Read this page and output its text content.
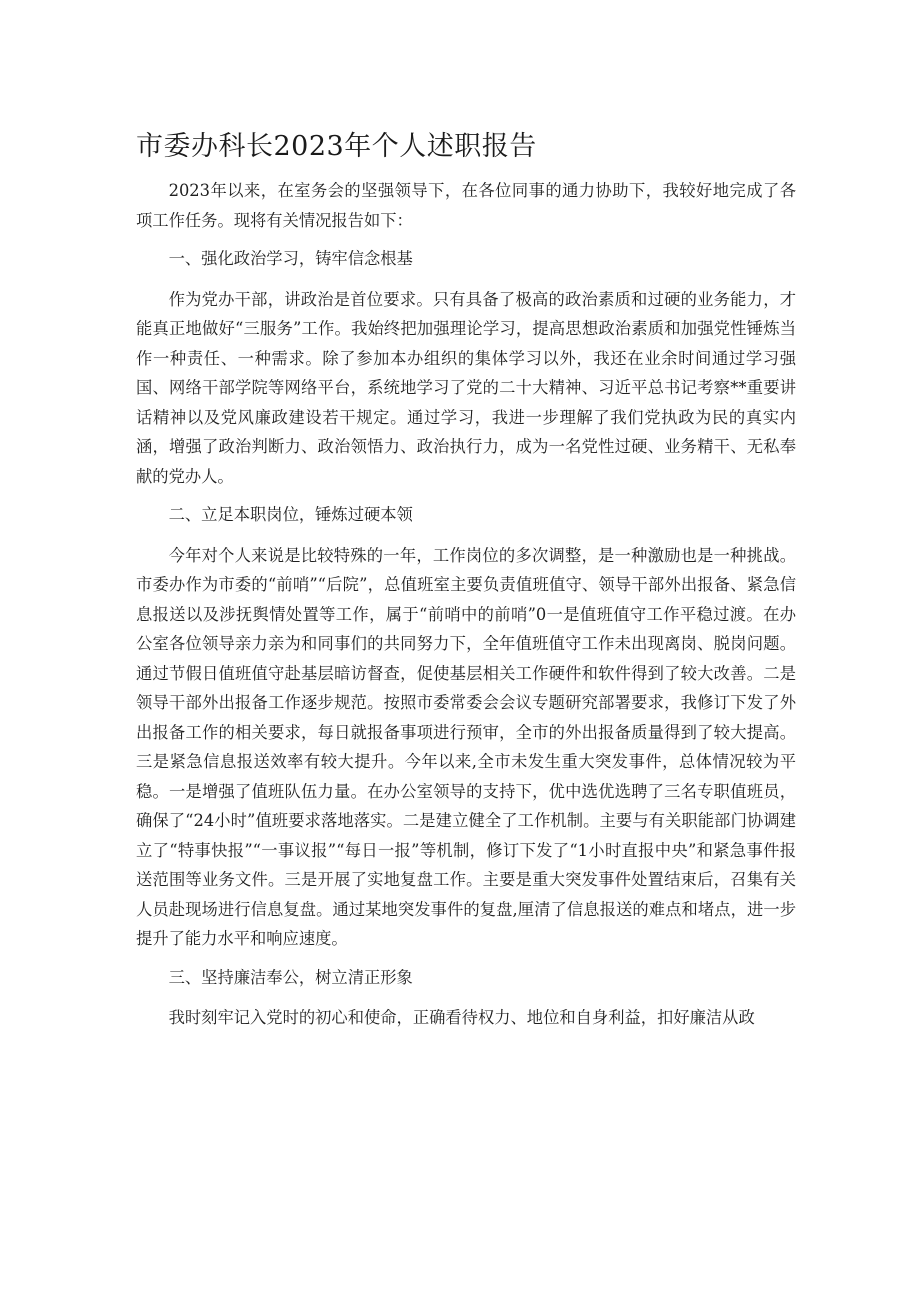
市委办科长2023年个人述职报告

2023年以来，在室务会的坚强领导下，在各位同事的通力协助下，我较好地完成了各项工作任务。现将有关情况报告如下：

一、强化政治学习，铸牢信念根基

作为党办干部，讲政治是首位要求。只有具备了极高的政治素质和过硬的业务能力，才能真正地做好“三服务”工作。我始终把加强理论学习，提高思想政治素质和加强党性锤炼当作一种责任、一种需求。除了参加本办组织的集体学习以外，我还在业余时间通过学习强国、网络干部学院等网络平台，系统地学习了党的二十大精神、习近平总书记考察**重要讲话精神以及党风廉政建设若干规定。通过学习，我进一步理解了我们党执政为民的真实内涵，增强了政治判断力、政治领悟力、政治执行力，成为一名党性过硬、业务精干、无私奉献的党办人。

二、立足本职岗位，锤炼过硬本领

今年对个人来说是比较特殊的一年，工作岗位的多次调整，是一种激励也是一种挑战。市委办作为市委的“前哨”“后院”，总值班室主要负责值班值守、领导干部外出报备、紧急信息报送以及涉抚舆情处置等工作，属于“前哨中的前哨”0一是值班值守工作平稳过渡。在办公室各位领导亲力亲为和同事们的共同努力下，全年值班值守工作未出现离岗、脱岗问题。通过节假日值班值守赴基层暗访督查，促使基层相关工作硬件和软件得到了较大改善。二是领导干部外出报备工作逐步规范。按照市委常委会会议专题研究部署要求，我修订下发了外出报备工作的相关要求，每日就报备事项进行预审，全市的外出报备质量得到了较大提高。三是紧急信息报送效率有较大提升。今年以来,全市未发生重大突发事件，总体情况较为平稳。一是增强了值班队伍力量。在办公室领导的支持下，优中选优选聘了三名专职值班员，确保了“24小时”值班要求落地落实。二是建立健全了工作机制。主要与有关职能部门协调建立了“特事快报”“一事议报”“每日一报”等机制，修订下发了“1小时直报中央”和紧急事件报送范围等业务文件。三是开展了实地复盘工作。主要是重大突发事件处置结束后，召集有关人员赴现场进行信息复盘。通过某地突发事件的复盘,厘清了信息报送的难点和堵点，进一步提升了能力水平和响应速度。

三、坚持廉洁奉公，树立清正形象

我时刻牢记入党时的初心和使命，正确看待权力、地位和自身利益，扣好廉洁从政
